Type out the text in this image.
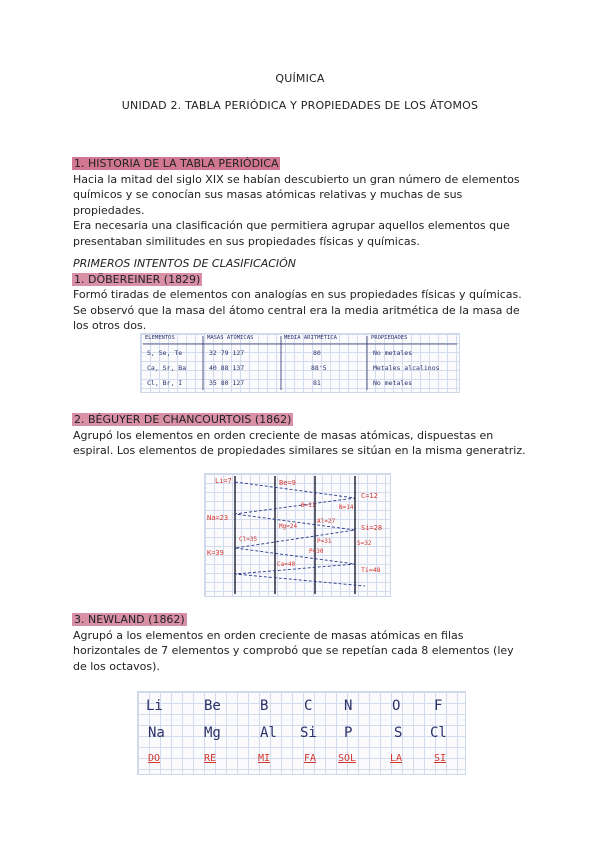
QUÍMICA
UNIDAD 2. TABLA PERIÓDICA Y PROPIEDADES DE LOS ÁTOMOS

1. HISTORIA DE LA TABLA PERIÓDICA

Hacia la mitad del siglo XIX se habían descubierto un gran número de elementos químicos y se conocían sus masas atómicas relativas y muchas de sus propiedades.

Era necesaria una clasificación que permitiera agrupar aquellos elementos que presentaban similitudes en sus propiedades físicas y químicas.

PRIMEROS INTENTOS DE CLASIFICACIÓN

1. DÖBEREINER (1829)

Formó tiradas de elementos con analogías en sus propiedades físicas y químicas. Se observó que la masa del átomo central era la media aritmética de la masa de los otros dos.

ELEMENTOS	MASAS ATÓMICAS	MEDIA ARITMÉTICA	PROPIEDADES
S, Se, Te	32 79 127	80	No metales
Ca, Sr, Ba	40 88 137	88'5	Metales alcalinos
Cl, Br, I	35 80 127	81	No metales

2. BÉGUYER DE CHANCOURTOIS (1862)

Agrupó los elementos en orden creciente de masas atómicas, dispuestas en espiral. Los elementos de propiedades similares se sitúan en la misma generatriz.

Li=7	Be=9
C=12
B=11	N=14
Na=23
Mg=24
Al=27
Si=28
P=31	S=32
Cl=35
K=39
Ca=40
Ti=48
P=30

3. NEWLAND (1862)

Agrupó a los elementos en orden creciente de masas atómicas en filas horizontales de 7 elementos y comprobó que se repetían cada 8 elementos (ley de los octavos).

Li	Be	B	C N	O F
Na	Mg	Al Si P	S Cl
DO	RE	MI	FA SOL	LA	SI
